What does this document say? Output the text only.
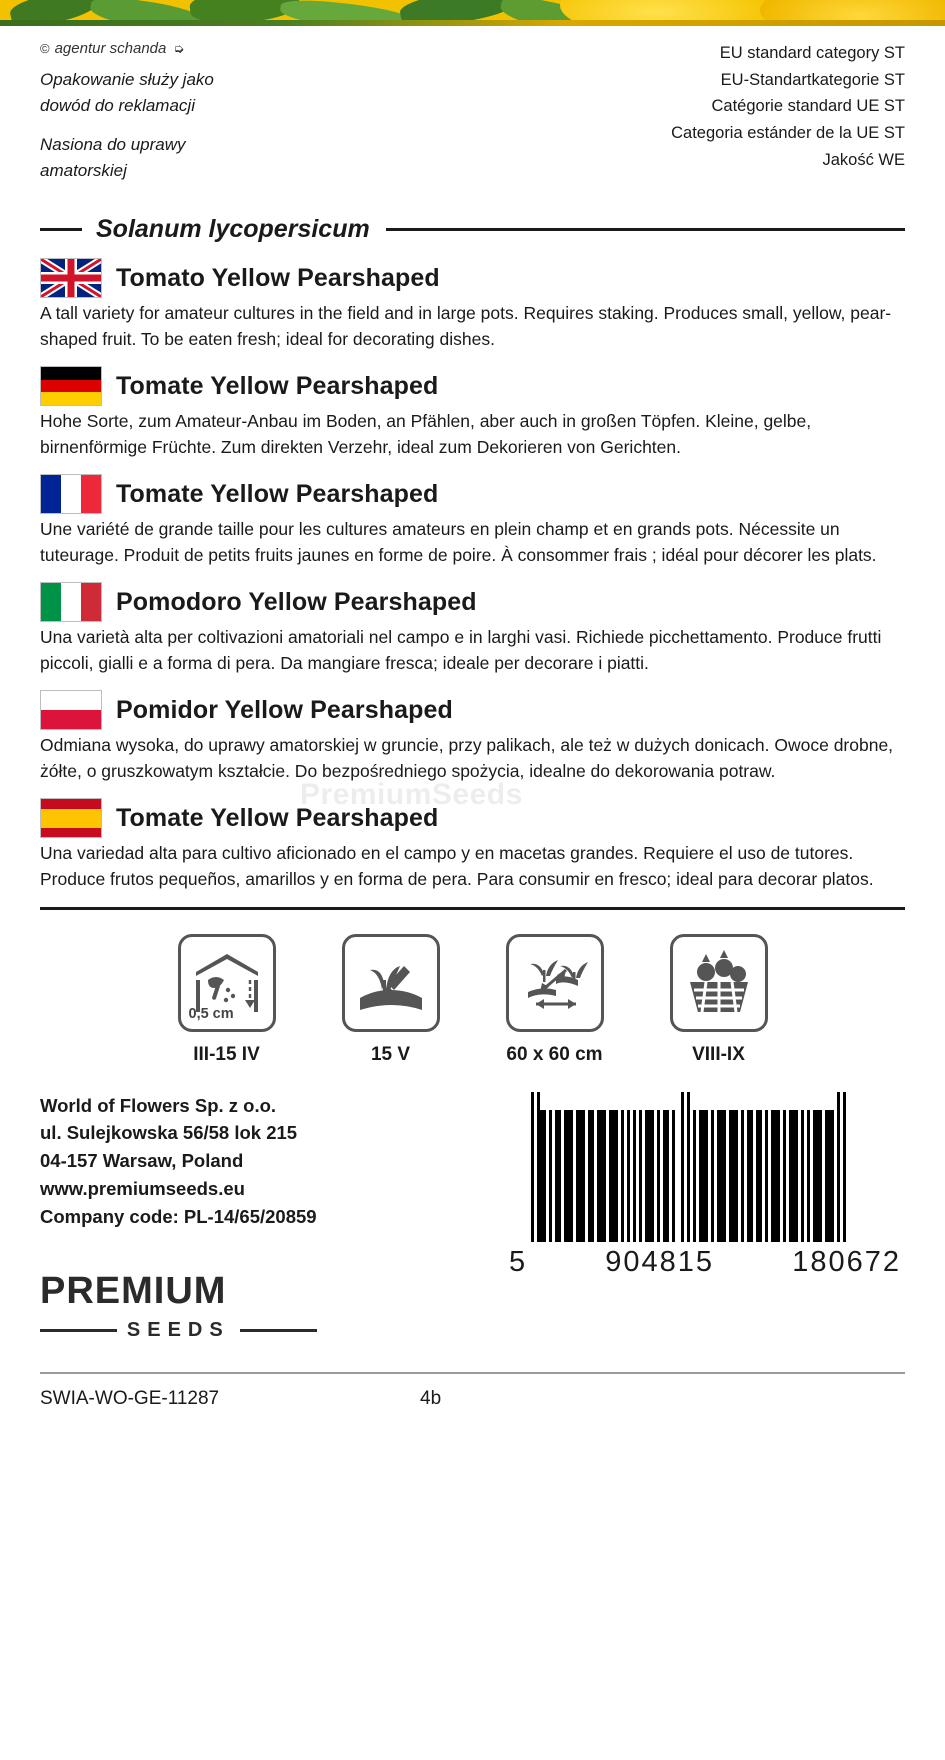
© agentur schanda ➭

Opakowanie służy jako
dowód do reklamacji

Nasiona do uprawy
amatorskiej

EU standard category ST
EU-Standartkategorie ST
Catégorie standard UE ST
Categoria estánder de la UE ST
Jakość WE
Solanum lycopersicum
Tomato Yellow Pearshaped
A tall variety for amateur cultures in the field and in large pots. Requires staking. Produces small, yellow, pear-shaped fruit. To be eaten fresh; ideal for decorating dishes.
Tomate Yellow Pearshaped
Hohe Sorte, zum Amateur-Anbau im Boden, an Pfählen, aber auch in großen Töpfen. Kleine, gelbe, birnenförmige Früchte. Zum direkten Verzehr, ideal zum Dekorieren von Gerichten.
Tomate Yellow Pearshaped
Une variété de grande taille pour les cultures amateurs en plein champ et en grands pots. Nécessite un tuteurage. Produit de petits fruits jaunes en forme de poire. À consommer frais ; idéal pour décorer les plats.
Pomodoro Yellow Pearshaped
Una varietà alta per coltivazioni amatoriali nel campo e in larghi vasi. Richiede picchettamento. Produce frutti piccoli, gialli e a forma di pera. Da mangiare fresca; ideale per decorare i piatti.
Pomidor Yellow Pearshaped
Odmiana wysoka, do uprawy amatorskiej w gruncie, przy palikach, ale też w dużych donicach. Owoce drobne, żółte, o gruszkowatym kształcie. Do bezpośredniego spożycia, idealne do dekorowania potraw.
Tomate Yellow Pearshaped
Una variedad alta para cultivo aficionado en el campo y en macetas grandes. Requiere el uso de tutores. Produce frutos pequeños, amarillos y en forma de pera. Para consumir en fresco; ideal para decorar platos.
0,5 cm
III-15 IV	15 V	60 x 60 cm	VIII-IX
World of Flowers Sp. z o.o.
ul. Sulejkowska 56/58 lok 215
04-157 Warsaw, Poland
www.premiumseeds.eu
Company code: PL-14/65/20859
PREMIUM
SEEDS
5	904815	180672
SWIA-WO-GE-11287	4b
PremiumSeeds
